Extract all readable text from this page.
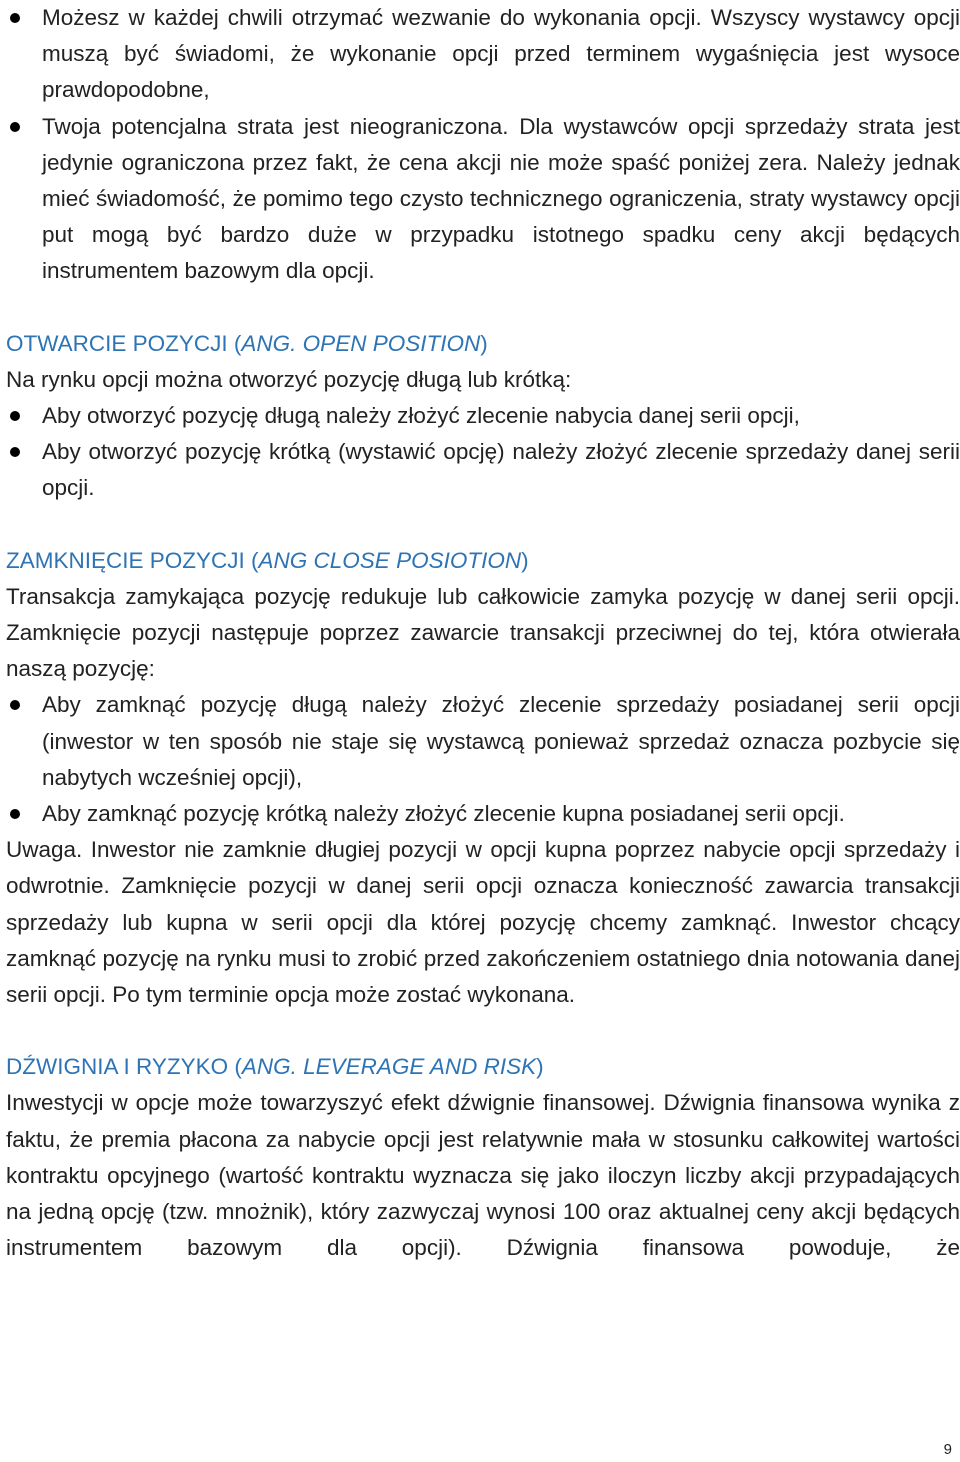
Możesz w każdej chwili otrzymać wezwanie do wykonania opcji. Wszyscy wystawcy opcji muszą być świadomi, że wykonanie opcji przed terminem wygaśnięcia jest wysoce prawdopodobne,
Twoja potencjalna strata jest nieograniczona. Dla wystawców opcji sprzedaży strata jest jedynie ograniczona przez fakt, że cena akcji nie może spaść poniżej zera. Należy jednak mieć świadomość, że pomimo tego czysto technicznego ograniczenia, straty wystawcy opcji put mogą być bardzo duże w przypadku istotnego spadku ceny akcji będących instrumentem bazowym dla opcji.
OTWARCIE POZYCJI (ANG. OPEN POSITION)

Na rynku opcji można otworzyć pozycję długą lub krótką:

Aby otworzyć pozycję długą należy złożyć zlecenie nabycia danej serii opcji,
Aby otworzyć pozycję krótką (wystawić opcję) należy złożyć zlecenie sprzedaży danej serii opcji.
ZAMKNIĘCIE POZYCJI (ANG CLOSE POSIOTION)

Transakcja zamykająca pozycję redukuje lub całkowicie zamyka pozycję w danej serii opcji. Zamknięcie pozycji następuje poprzez zawarcie transakcji przeciwnej do tej, która otwierała naszą pozycję:

Aby zamknąć pozycję długą należy złożyć zlecenie sprzedaży posiadanej serii opcji (inwestor w ten sposób nie staje się wystawcą ponieważ sprzedaż oznacza pozbycie się nabytych wcześniej opcji),
Aby zamknąć pozycję krótką należy złożyć zlecenie kupna posiadanej serii opcji.

Uwaga. Inwestor nie zamknie długiej pozycji w opcji kupna poprzez nabycie opcji sprzedaży i odwrotnie. Zamknięcie pozycji w danej serii opcji oznacza konieczność zawarcia transakcji sprzedaży lub kupna w serii opcji dla której pozycję chcemy zamknąć. Inwestor chcący zamknąć pozycję na rynku musi to zrobić przed zakończeniem ostatniego dnia notowania danej serii opcji. Po tym terminie opcja może zostać wykonana.

DŹWIGNIA I RYZYKO (ANG. LEVERAGE AND RISK)

Inwestycji w opcje może towarzyszyć efekt dźwignie finansowej. Dźwignia finansowa wynika z faktu, że premia płacona za nabycie opcji jest relatywnie mała w stosunku całkowitej wartości kontraktu opcyjnego (wartość kontraktu wyznacza się jako iloczyn liczby akcji przypadających na jedną opcję (tzw. mnożnik), który zazwyczaj wynosi 100 oraz aktualnej ceny akcji będących instrumentem bazowym dla opcji). Dźwignia finansowa powoduje, że

9
